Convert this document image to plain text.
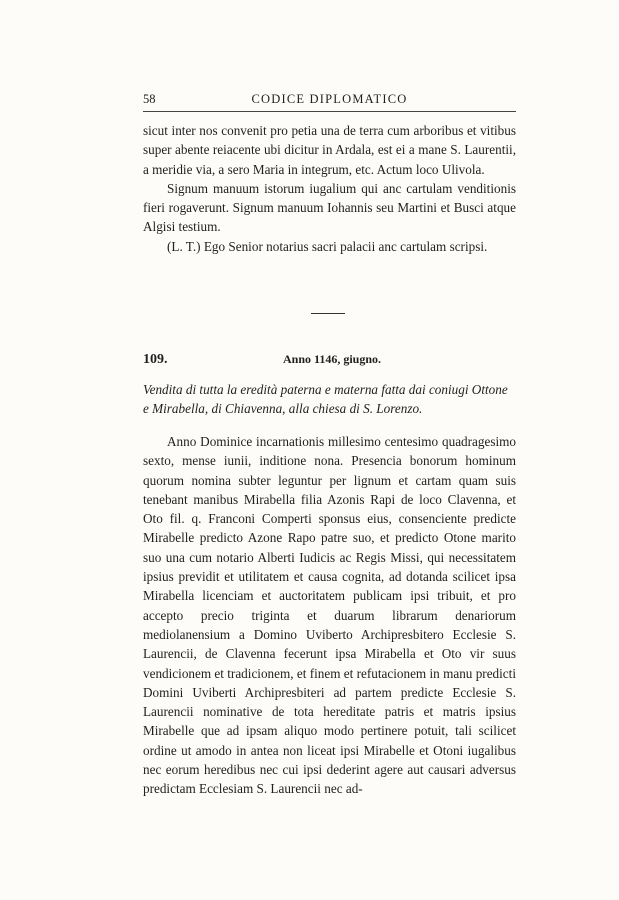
58	CODICE DIPLOMATICO

sicut inter nos convenit pro petia una de terra cum arboribus et vitibus super abente reiacente ubi dicitur in Ardala, est ei a mane S. Laurentii, a meridie via, a sero Maria in integrum, etc. Actum loco Ulivola.

Signum manuum istorum iugalium qui anc cartulam venditionis fieri rogaverunt. Signum manuum Iohannis seu Martini et Busci atque Algisi testium.

(L. T.) Ego Senior notarius sacri palacii anc cartulam scripsi.

109.	Anno 1146, giugno.

Vendita di tutta la eredità paterna e materna fatta dai coniugi Ottone e Mirabella, di Chiavenna, alla chiesa di S. Lorenzo.

Anno Dominice incarnationis millesimo centesimo quadragesimo sexto, mense iunii, inditione nona. Presencia bonorum hominum quorum nomina subter leguntur per lignum et cartam quam suis tenebant manibus Mirabella filia Azonis Rapi de loco Clavenna, et Oto fil. q. Franconi Comperti sponsus eius, consenciente predicte Mirabelle predicto Azone Rapo patre suo, et predicto Otone marito suo una cum notario Alberti Iudicis ac Regis Missi, qui necessitatem ipsius previdit et utilitatem et causa cognita, ad dotanda scilicet ipsa Mirabella licenciam et auctoritatem publicam ipsi tribuit, et pro accepto precio triginta et duarum librarum denariorum mediolanensium a Domino Uviberto Archipresbitero Ecclesie S. Laurencii, de Clavenna fecerunt ipsa Mirabella et Oto vir suus vendicionem et tradicionem, et finem et refutacionem in manu predicti Domini Uviberti Archipresbiteri ad partem predicte Ecclesie S. Laurencii nominative de tota hereditate patris et matris ipsius Mirabelle que ad ipsam aliquo modo pertinere potuit, tali scilicet ordine ut amodo in antea non liceat ipsi Mirabelle et Otoni iugalibus nec eorum heredibus nec cui ipsi dederint agere aut causari adversus predictam Ecclesiam S. Laurencii nec ad-
